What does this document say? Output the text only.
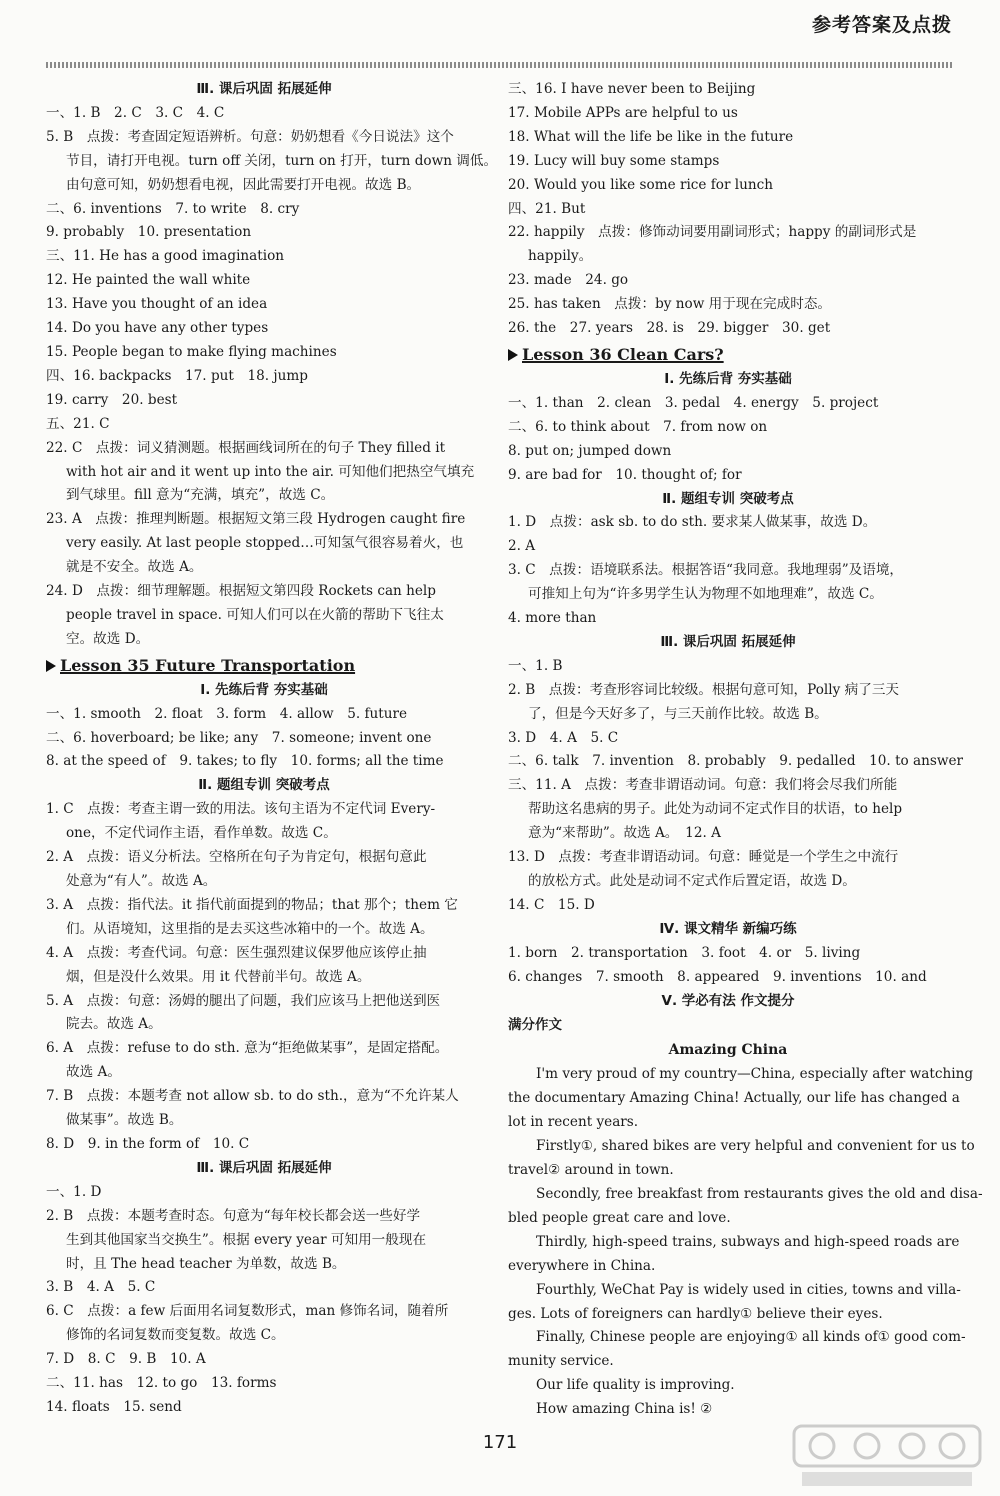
参考答案及点拨
Ⅲ. 课后巩固 拓展延伸
一、1. B　2. C　3. C　4. C
5. B　点拨：考查固定短语辨析。句意：奶奶想看《今日说法》这个
节目，请打开电视。turn off 关闭，turn on 打开，turn down 调低。
由句意可知，奶奶想看电视，因此需要打开电视。故选 B。
二、6. inventions　7. to write　8. cry
9. probably　10. presentation
三、11. He has a good imagination
12. He painted the wall white
13. Have you thought of an idea
14. Do you have any other types
15. People began to make flying machines
四、16. backpacks　17. put　18. jump
19. carry　20. best
五、21. C
22. C　点拨：词义猜测题。根据画线词所在的句子 They filled it
with hot air and it went up into the air. 可知他们把热空气填充
到气球里。fill 意为“充满，填充”，故选 C。
23. A　点拨：推理判断题。根据短文第三段 Hydrogen caught fire
very easily. At last people stopped…可知氢气很容易着火，也
就是不安全。故选 A。
24. D　点拨：细节理解题。根据短文第四段 Rockets can help
people travel in space. 可知人们可以在火箭的帮助下飞往太
空。故选 D。
Lesson 35 Future Transportation
Ⅰ. 先练后背 夯实基础
一、1. smooth　2. float　3. form　4. allow　5. future
二、6. hoverboard; be like; any　7. someone; invent one
8. at the speed of　9. takes; to fly　10. forms; all the time
Ⅱ. 题组专训 突破考点
1. C　点拨：考查主谓一致的用法。该句主语为不定代词 Every-
one，不定代词作主语，看作单数。故选 C。
2. A　点拨：语义分析法。空格所在句子为肯定句，根据句意此
处意为“有人”。故选 A。
3. A　点拨：指代法。it 指代前面提到的物品；that 那个；them 它
们。从语境知，这里指的是去买这些冰箱中的一个。故选 A。
4. A　点拨：考查代词。句意：医生强烈建议保罗他应该停止抽
烟，但是没什么效果。用 it 代替前半句。故选 A。
5. A　点拨：句意：汤姆的腿出了问题，我们应该马上把他送到医
院去。故选 A。
6. A　点拨：refuse to do sth. 意为“拒绝做某事”，是固定搭配。
故选 A。
7. B　点拨：本题考查 not allow sb. to do sth.，意为“不允许某人
做某事”。故选 B。
8. D　9. in the form of　10. C
Ⅲ. 课后巩固 拓展延伸
一、1. D
2. B　点拨：本题考查时态。句意为“每年校长都会送一些好学
生到其他国家当交换生”。根据 every year 可知用一般现在
时，且 The head teacher 为单数，故选 B。
3. B　4. A　5. C
6. C　点拨：a few 后面用名词复数形式，man 修饰名词，随着所
修饰的名词复数而变复数。故选 C。
7. D　8. C　9. B　10. A
二、11. has　12. to go　13. forms
14. floats　15. send
三、16. I have never been to Beijing
17. Mobile APPs are helpful to us
18. What will the life be like in the future
19. Lucy will buy some stamps
20. Would you like some rice for lunch
四、21. But
22. happily　点拨：修饰动词要用副词形式；happy 的副词形式是
happily。
23. made　24. go
25. has taken　点拨：by now 用于现在完成时态。
26. the　27. years　28. is　29. bigger　30. get
Lesson 36 Clean Cars?
Ⅰ. 先练后背 夯实基础
一、1. than　2. clean　3. pedal　4. energy　5. project
二、6. to think about　7. from now on
8. put on; jumped down
9. are bad for　10. thought of; for
Ⅱ. 题组专训 突破考点
1. D　点拨：ask sb. to do sth. 要求某人做某事，故选 D。
2. A
3. C　点拨：语境联系法。根据答语“我同意。我地理弱”及语境，
可推知上句为“许多男学生认为物理不如地理难”，故选 C。
4. more than
Ⅲ. 课后巩固 拓展延伸
一、1. B
2. B　点拨：考查形容词比较级。根据句意可知，Polly 病了三天
了，但是今天好多了，与三天前作比较。故选 B。
3. D　4. A　5. C
二、6. talk　7. invention　8. probably　9. pedalled　10. to answer
三、11. A　点拨：考查非谓语动词。句意：我们将会尽我们所能
帮助这名患病的男子。此处为动词不定式作目的状语，to help
意为“来帮助”。故选 A。　12. A
13. D　点拨：考查非谓语动词。句意：睡觉是一个学生之中流行
的放松方式。此处是动词不定式作后置定语，故选 D。
14. C　15. D
Ⅳ. 课文精华 新编巧练
1. born　2. transportation　3. foot　4. or　5. living
6. changes　7. smooth　8. appeared　9. inventions　10. and
Ⅴ. 学必有法 作文提分
满分作文
Amazing China
I'm very proud of my country—China, especially after watching
the documentary Amazing China! Actually, our life has changed a
lot in recent years.
Firstly①, shared bikes are very helpful and convenient for us to
travel② around in town.
Secondly, free breakfast from restaurants gives the old and disa-
bled people great care and love.
Thirdly, high-speed trains, subways and high-speed roads are
everywhere in China.
Fourthly, WeChat Pay is widely used in cities, towns and villa-
ges. Lots of foreigners can hardly① believe their eyes.
Finally, Chinese people are enjoying① all kinds of① good com-
munity service.
Our life quality is improving.
How amazing China is! ②
171
